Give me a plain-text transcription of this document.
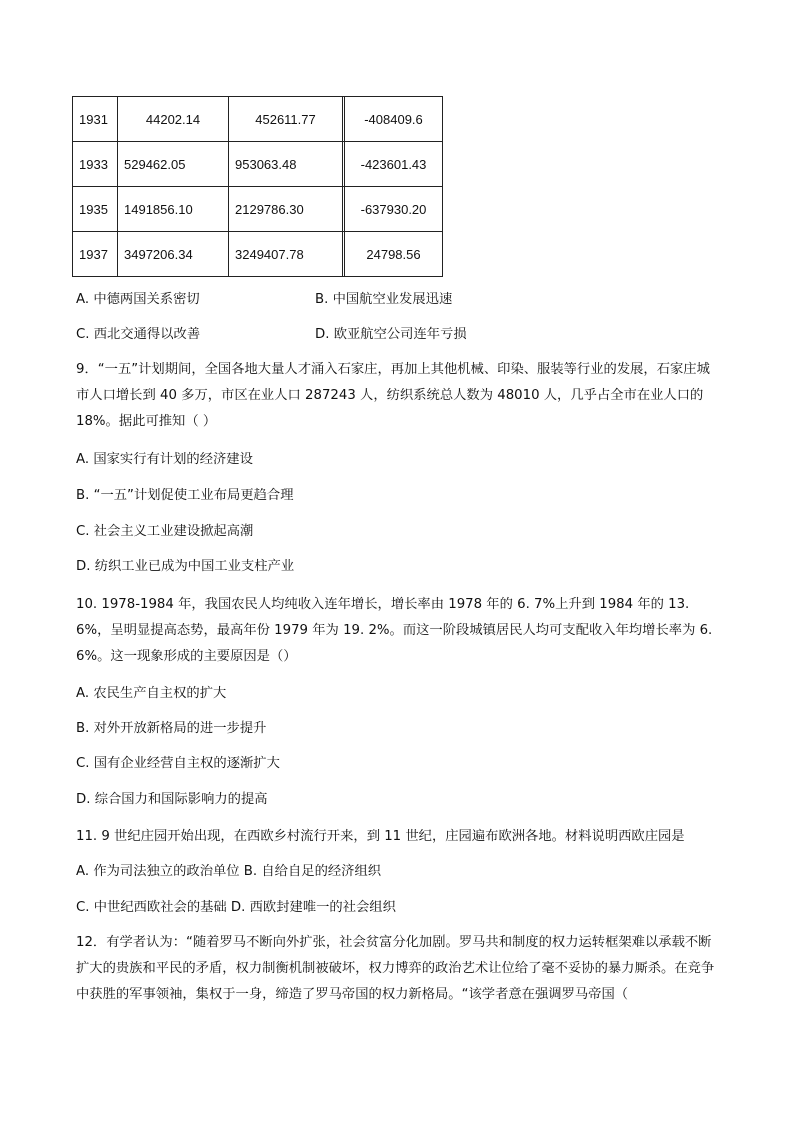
1931	44202.14	452611.77		-408409.6
1933	529462.05	953063.48		-423601.43
1935	1491856.10	2129786.30		-637930.20
1937	3497206.34	3249407.78		24798.56
A. 中德两国关系密切	B. 中国航空业发展迅速
C. 西北交通得以改善	D. 欧亚航空公司连年亏损
9．“一五”计划期间，全国各地大量人才涌入石家庄，再加上其他机械、印染、服装等行业的发展，石家庄城市人口增长到 40 多万，市区在业人口 287243 人，纺织系统总人数为 48010 人，几乎占全市在业人口的 18%。据此可推知（ ）
A. 国家实行有计划的经济建设
B. “一五”计划促使工业布局更趋合理
C. 社会主义工业建设掀起高潮
D. 纺织工业已成为中国工业支柱产业
10. 1978-1984 年，我国农民人均纯收入连年增长，增长率由 1978 年的 6. 7%上升到 1984 年的 13. 6%，呈明显提高态势，最高年份 1979 年为 19. 2%。而这一阶段城镇居民人均可支配收入年均增长率为 6. 6%。这一现象形成的主要原因是（）
A. 农民生产自主权的扩大
B. 对外开放新格局的进一步提升
C. 国有企业经营自主权的逐渐扩大
D. 综合国力和国际影响力的提高
11. 9 世纪庄园开始出现，在西欧乡村流行开来，到 11 世纪，庄园遍布欧洲各地。材料说明西欧庄园是
A. 作为司法独立的政治单位 B. 自给自足的经济组织
C. 中世纪西欧社会的基础 D. 西欧封建唯一的社会组织
12．有学者认为：“随着罗马不断向外扩张，社会贫富分化加剧。罗马共和制度的权力运转框架难以承载不断扩大的贵族和平民的矛盾，权力制衡机制被破坏，权力博弈的政治艺术让位给了毫不妥协的暴力厮杀。在竞争中获胜的军事领袖，集权于一身，缔造了罗马帝国的权力新格局。“该学者意在强调罗马帝国（
